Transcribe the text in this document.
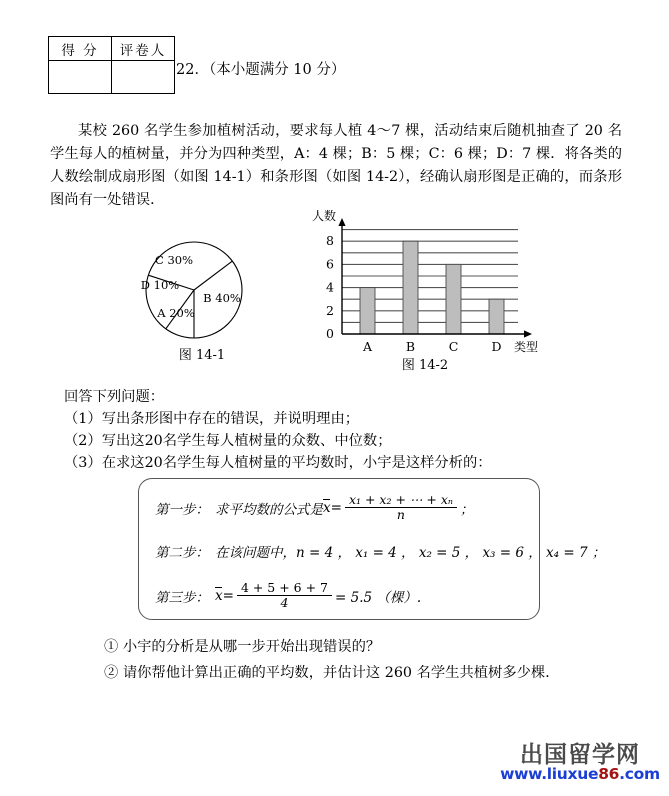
得 分	评卷人

22．（本小题满分 10 分）
某校 260 名学生参加植树活动，要求每人植 4～7 棵，活动结束后随机抽查了 20 名学生每人的植树量，并分为四种类型，A：4 棵；B：5 棵；C：6 棵；D：7 棵．将各类的人数绘制成扇形图（如图 14-1）和条形图（如图 14-2），经确认扇形图是正确的，而条形图尚有一处错误．
C 30%
B 40%
D 10%
A 20%
图 14-1
0
2
4
6
8
人数
A	B	C	D 类型
图 14-2
回答下列问题：
（1）写出条形图中存在的错误，并说明理由；
（2）写出这20名学生每人植树量的众数、中位数；
（3）在求这20名学生每人植树量的平均数时，小宇是这样分析的：
第一步： 求平均数的公式是 $x = \frac{\text{x₁ + x₂ + ⋯ + xₙ}}{n}$ ；
第二步： 在该问题中， n = 4 ， x₁ = 4 ， x₂ = 5 ， x₃ = 6 ， x₄ = 7 ；
第三步： $x = \frac{4 + 5 + 6 + 7}{4} = 5.5$ （棵）.
① 小宇的分析是从哪一步开始出现错误的？
② 请你帮他计算出正确的平均数，并估计这 260 名学生共植树多少棵．
出国留学网
www.liuxue86.com
